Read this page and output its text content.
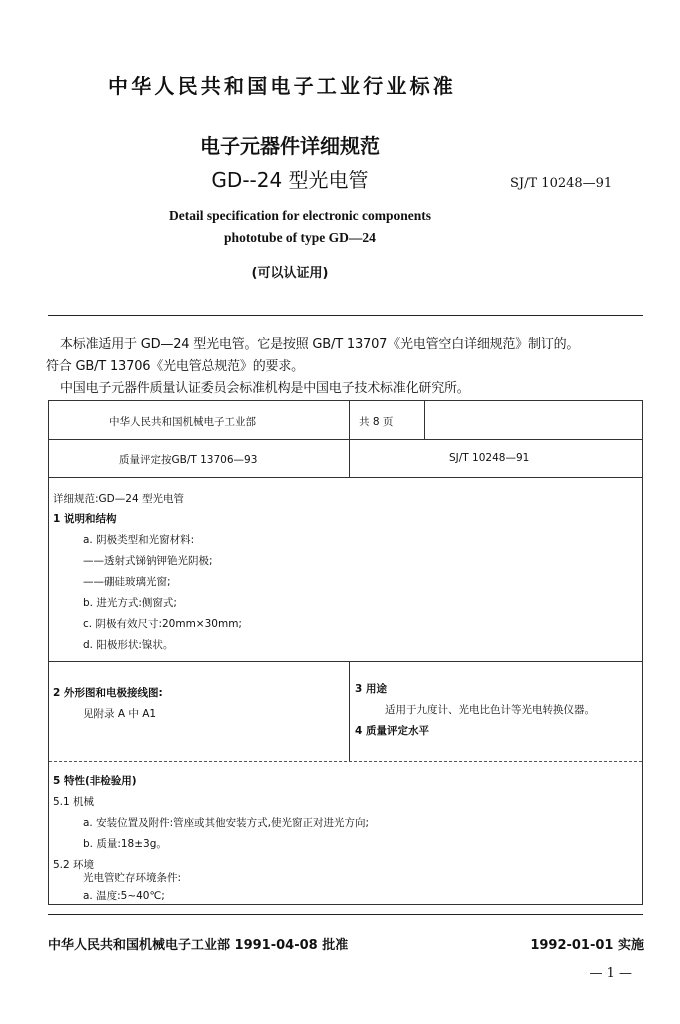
中华人民共和国电子工业行业标准
电子元器件详细规范
GD--24 型光电管	SJ/T 10248—91
Detail specification for electronic components
phototube of type GD—24
(可以认证用)
本标准适用于 GD—24 型光电管。它是按照 GB/T 13707《光电管空白详细规范》制订的。
符合 GB/T 13706《光电管总规范》的要求。
中国电子元器件质量认证委员会标准机构是中国电子技术标准化研究所。
中华人民共和国机械电子工业部	共 8 页
质量评定按GB/T 13706—93	SJ/T 10248—91
详细规范:GD—24 型光电管
1 说明和结构
a. 阴极类型和光窗材料:
——透射式锑钠钾铯光阴极;
——硼硅玻璃光窗;
b. 进光方式:侧窗式;
c. 阴极有效尺寸:20mm×30mm;
d. 阳极形状:镍状。
2 外形图和电极接线图:
见附录 A 中 A1
3 用途
适用于九度计、光电比色计等光电转换仪器。
4 质量评定水平
5 特性(非检验用)
5.1 机械
a. 安装位置及附件:管座或其他安装方式,使光窗正对进光方向;
b. 质量:18±3g。
5.2 环境
光电管贮存环境条件:
a. 温度:5~40℃;
中华人民共和国机械电子工业部 1991-04-08 批准	1992-01-01 实施
— 1 —
